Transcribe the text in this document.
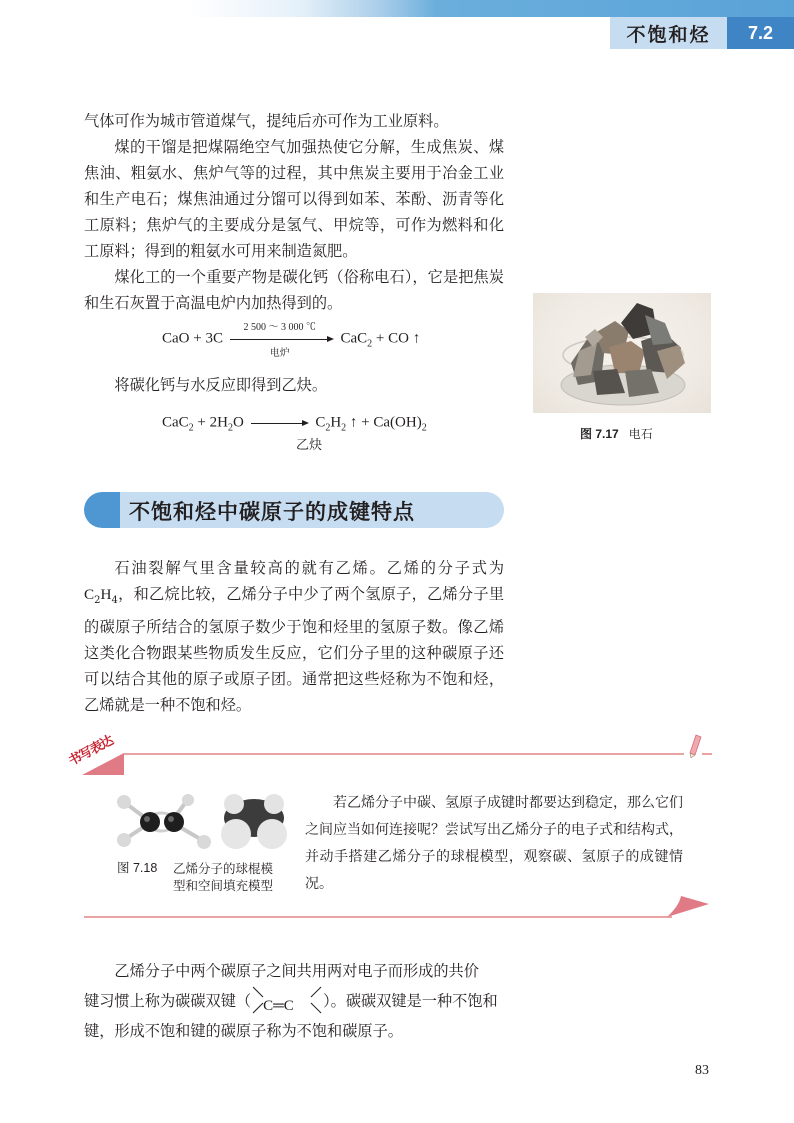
不饱和烃	7.2

气体可作为城市管道煤气，提纯后亦可作为工业原料。

煤的干馏是把煤隔绝空气加强热使它分解，生成焦炭、煤焦油、粗氨水、焦炉气等的过程，其中焦炭主要用于冶金工业和生产电石；煤焦油通过分馏可以得到如苯、苯酚、沥青等化工原料；焦炉气的主要成分是氢气、甲烷等，可作为燃料和化工原料；得到的粗氨水可用来制造氮肥。

煤化工的一个重要产物是碳化钙（俗称电石），它是把焦炭和生石灰置于高温电炉内加热得到的。

CaO + 3C
2 500 ～ 3 000 ℃
电炉
CaC$_2$ + CO ↑

将碳化钙与水反应即得到乙炔。

$CaC_2 + 2H_2O$	$C_2H_2$ ↑ + $Ca(OH)_2$
乙炔
图 7.17 电石
不饱和烃中碳原子的成键特点

石油裂解气里含量较高的就有乙烯。乙烯的分子式为$C_2H_4$，和乙烷比较，乙烯分子中少了两个氢原子，乙烯分子里的碳原子所结合的氢原子数少于饱和烃里的氢原子数。像乙烯这类化合物跟某些物质发生反应，它们分子里的这种碳原子还可以结合其他的原子或原子团。通常把这些烃称为不饱和烃，乙烯就是一种不饱和烃。

书写表达
图 7.18 乙烯分子的球棍模
型和空间填充模型

若乙烯分子中碳、氢原子成键时都要达到稳定，那么它们之间应当如何连接呢？尝试写出乙烯分子的电子式和结构式，并动手搭建乙烯分子的球棍模型，观察碳、氢原子的成键情况。

乙烯分子中两个碳原子之间共用两对电子而形成的共价

键习惯上称为碳碳双键（ C═C ）。碳碳双键是一种不饱和

键，形成不饱和键的碳原子称为不饱和碳原子。

83
